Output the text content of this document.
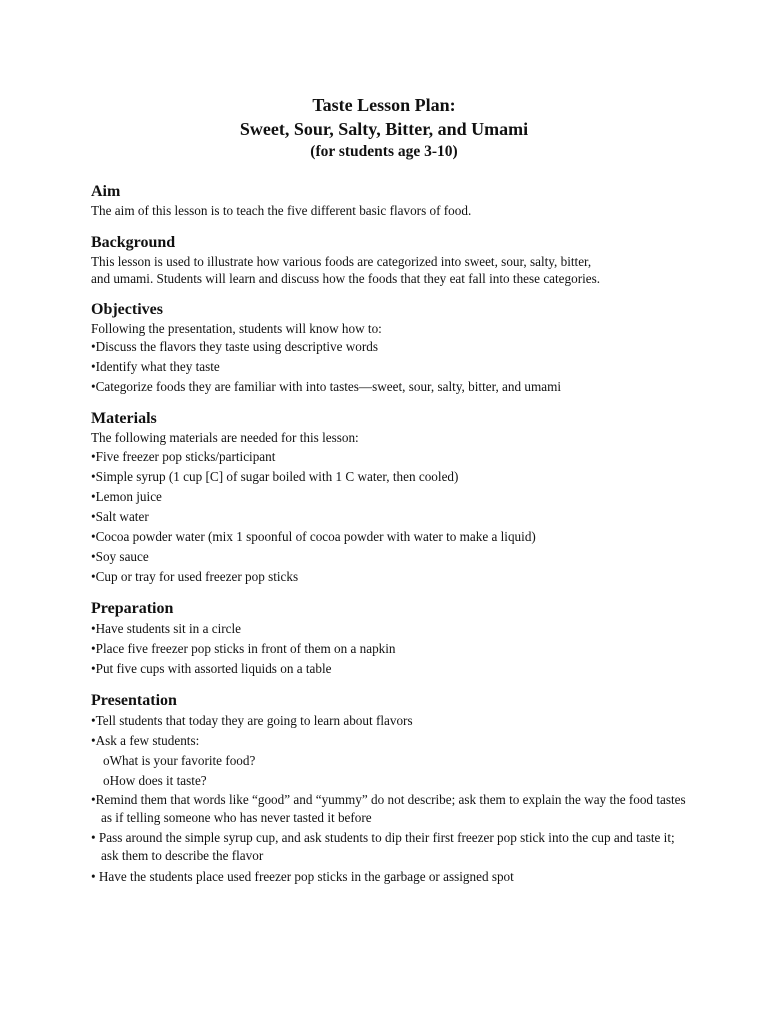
Taste Lesson Plan:

Sweet, Sour, Salty, Bitter, and Umami

(for students age 3-10)

Aim

The aim of this lesson is to teach the five different basic flavors of food.

Background

This lesson is used to illustrate how various foods are categorized into sweet, sour, salty, bitter,

and umami. Students will learn and discuss how the foods that they eat fall into these categories.

Objectives

Following the presentation, students will know how to:

•Discuss the flavors they taste using descriptive words

•Identify what they taste

•Categorize foods they are familiar with into tastes—sweet, sour, salty, bitter, and umami

Materials

The following materials are needed for this lesson:

•Five freezer pop sticks/participant

•Simple syrup (1 cup [C] of sugar boiled with 1 C water, then cooled)

•Lemon juice

•Salt water

•Cocoa powder water (mix 1 spoonful of cocoa powder with water to make a liquid)

•Soy sauce

•Cup or tray for used freezer pop sticks

Preparation

•Have students sit in a circle

•Place five freezer pop sticks in front of them on a napkin

•Put five cups with assorted liquids on a table

Presentation

•Tell students that today they are going to learn about flavors

•Ask a few students:

oWhat is your favorite food?

oHow does it taste?

•Remind them that words like “good” and “yummy” do not describe; ask them to explain the way the food tastes as if telling someone who has never tasted it before

• Pass around the simple syrup cup, and ask students to dip their first freezer pop stick into the cup and taste it; ask them to describe the flavor

• Have the students place used freezer pop sticks in the garbage or assigned spot
